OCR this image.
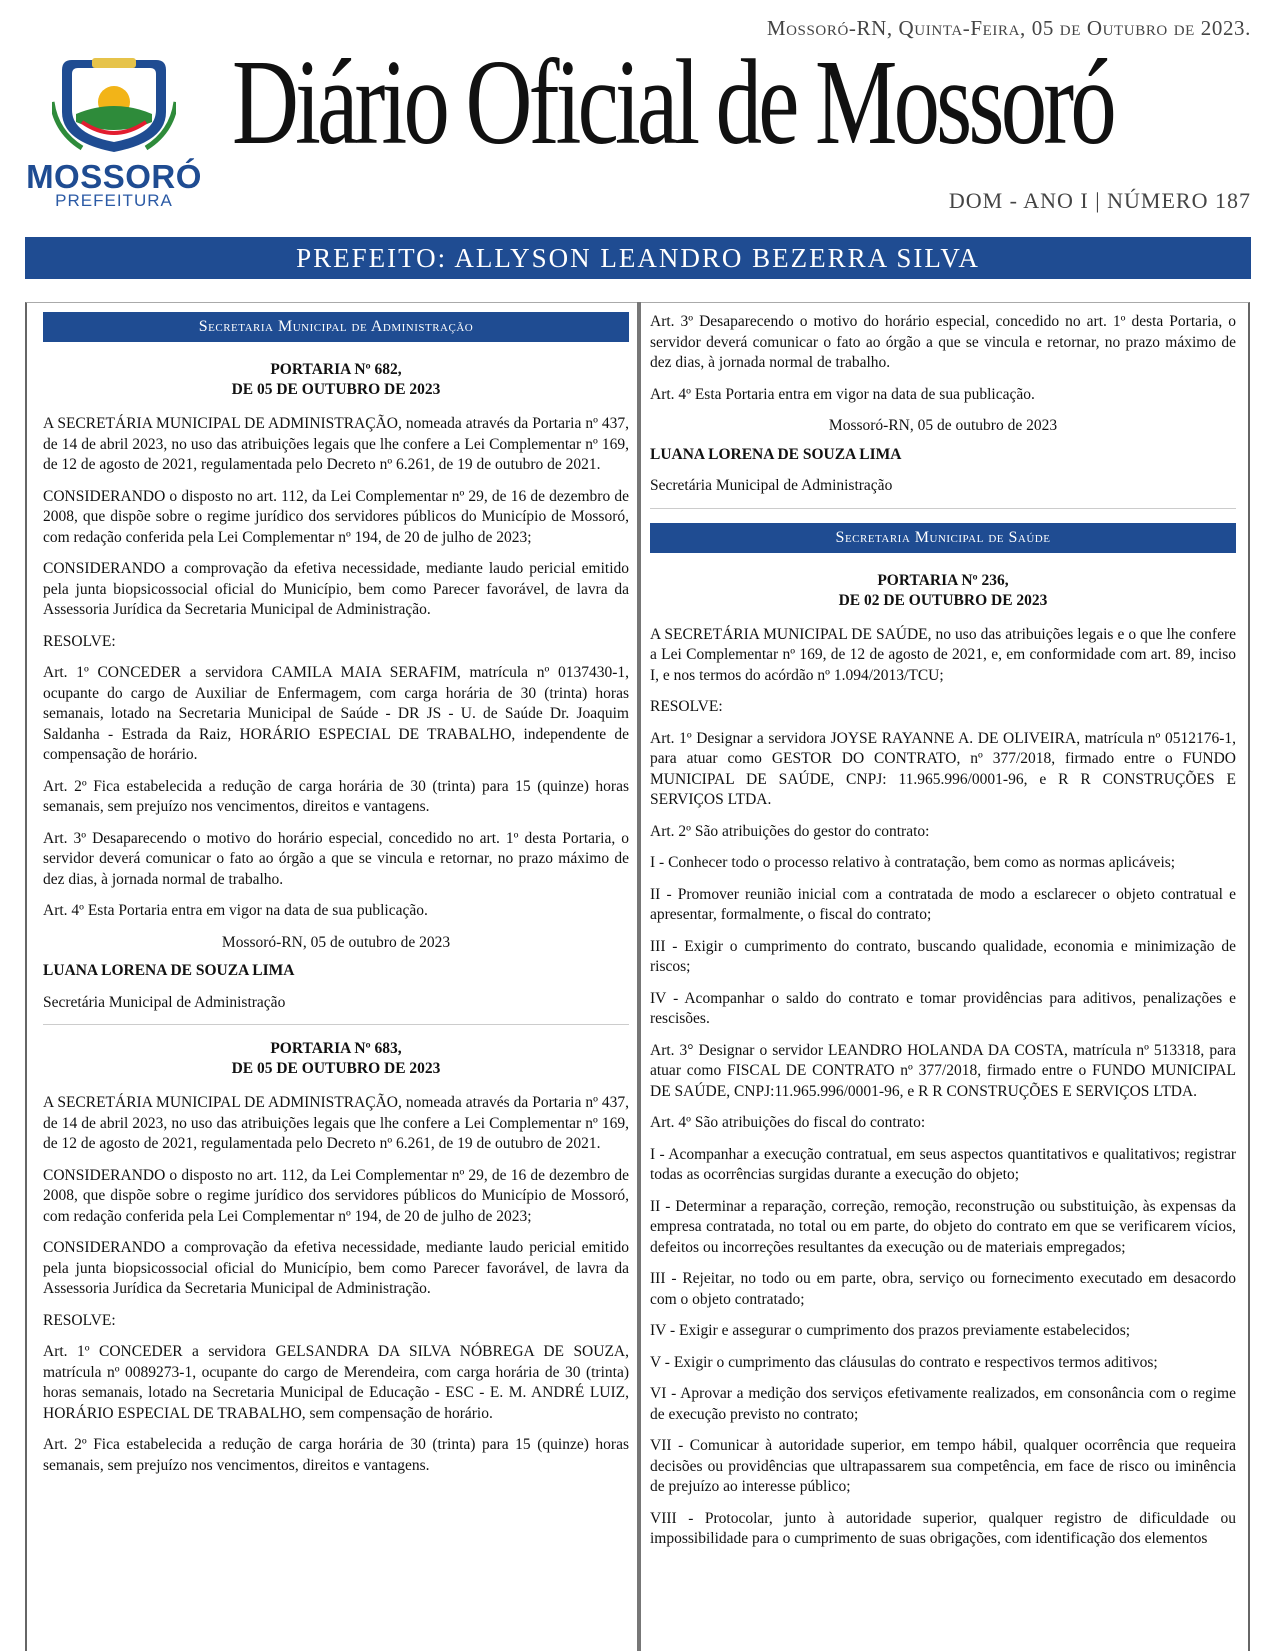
MOSSORÓ
PREFEITURA
Mossoró-RN, Quinta-Feira, 05 de Outubro de 2023.
Diário Oficial de Mossoró
DOM - ANO I | NÚMERO 187
PREFEITO: ALLYSON LEANDRO BEZERRA SILVA
Secretaria Municipal de Administração
PORTARIA Nº 682,
DE 05 DE OUTUBRO DE 2023

A SECRETÁRIA MUNICIPAL DE ADMINISTRAÇÃO, nomeada através da Portaria nº 437, de 14 de abril 2023, no uso das atribuições legais que lhe confere a Lei Complementar nº 169, de 12 de agosto de 2021, regulamentada pelo Decreto nº 6.261, de 19 de outubro de 2021.

CONSIDERANDO o disposto no art. 112, da Lei Complementar nº 29, de 16 de dezembro de 2008, que dispõe sobre o regime jurídico dos servidores públicos do Município de Mossoró, com redação conferida pela Lei Complementar nº 194, de 20 de julho de 2023;

CONSIDERANDO a comprovação da efetiva necessidade, mediante laudo pericial emitido pela junta biopsicossocial oficial do Município, bem como Parecer favorável, de lavra da Assessoria Jurídica da Secretaria Municipal de Administração.

RESOLVE:

Art. 1º CONCEDER a servidora CAMILA MAIA SERAFIM, matrícula nº 0137430-1, ocupante do cargo de Auxiliar de Enfermagem, com carga horária de 30 (trinta) horas semanais, lotado na Secretaria Municipal de Saúde - DR JS - U. de Saúde Dr. Joaquim Saldanha - Estrada da Raiz, HORÁRIO ESPECIAL DE TRABALHO, independente de compensação de horário.

Art. 2º Fica estabelecida a redução de carga horária de 30 (trinta) para 15 (quinze) horas semanais, sem prejuízo nos vencimentos, direitos e vantagens.

Art. 3º Desaparecendo o motivo do horário especial, concedido no art. 1º desta Portaria, o servidor deverá comunicar o fato ao órgão a que se vincula e retornar, no prazo máximo de dez dias, à jornada normal de trabalho.

Art. 4º Esta Portaria entra em vigor na data de sua publicação.

Mossoró-RN, 05 de outubro de 2023

LUANA LORENA DE SOUZA LIMA

Secretária Municipal de Administração

PORTARIA Nº 683,
DE 05 DE OUTUBRO DE 2023

A SECRETÁRIA MUNICIPAL DE ADMINISTRAÇÃO, nomeada através da Portaria nº 437, de 14 de abril 2023, no uso das atribuições legais que lhe confere a Lei Complementar nº 169, de 12 de agosto de 2021, regulamentada pelo Decreto nº 6.261, de 19 de outubro de 2021.

CONSIDERANDO o disposto no art. 112, da Lei Complementar nº 29, de 16 de dezembro de 2008, que dispõe sobre o regime jurídico dos servidores públicos do Município de Mossoró, com redação conferida pela Lei Complementar nº 194, de 20 de julho de 2023;

CONSIDERANDO a comprovação da efetiva necessidade, mediante laudo pericial emitido pela junta biopsicossocial oficial do Município, bem como Parecer favorável, de lavra da Assessoria Jurídica da Secretaria Municipal de Administração.

RESOLVE:

Art. 1º CONCEDER a servidora GELSANDRA DA SILVA NÓBREGA DE SOUZA, matrícula nº 0089273-1, ocupante do cargo de Merendeira, com carga horária de 30 (trinta) horas semanais, lotado na Secretaria Municipal de Educação - ESC - E. M. ANDRÉ LUIZ, HORÁRIO ESPECIAL DE TRABALHO, sem compensação de horário.

Art. 2º Fica estabelecida a redução de carga horária de 30 (trinta) para 15 (quinze) horas semanais, sem prejuízo nos vencimentos, direitos e vantagens.

Art. 3º Desaparecendo o motivo do horário especial, concedido no art. 1º desta Portaria, o servidor deverá comunicar o fato ao órgão a que se vincula e retornar, no prazo máximo de dez dias, à jornada normal de trabalho.

Art. 4º Esta Portaria entra em vigor na data de sua publicação.

Mossoró-RN, 05 de outubro de 2023

LUANA LORENA DE SOUZA LIMA

Secretária Municipal de Administração

Secretaria Municipal de Saúde
PORTARIA Nº 236,
DE 02 DE OUTUBRO DE 2023

A SECRETÁRIA MUNICIPAL DE SAÚDE, no uso das atribuições legais e o que lhe confere a Lei Complementar nº 169, de 12 de agosto de 2021, e, em conformidade com art. 89, inciso I, e nos termos do acórdão nº 1.094/2013/TCU;

RESOLVE:

Art. 1º Designar a servidora JOYSE RAYANNE A. DE OLIVEIRA, matrícula nº 0512176-1, para atuar como GESTOR DO CONTRATO, nº 377/2018, firmado entre o FUNDO MUNICIPAL DE SAÚDE, CNPJ: 11.965.996/0001-96, e R R CONSTRUÇÕES E SERVIÇOS LTDA.

Art. 2º São atribuições do gestor do contrato:

I - Conhecer todo o processo relativo à contratação, bem como as normas aplicáveis;

II - Promover reunião inicial com a contratada de modo a esclarecer o objeto contratual e apresentar, formalmente, o fiscal do contrato;

III - Exigir o cumprimento do contrato, buscando qualidade, economia e minimização de riscos;

IV - Acompanhar o saldo do contrato e tomar providências para aditivos, penalizações e rescisões.

Art. 3° Designar o servidor LEANDRO HOLANDA DA COSTA, matrícula nº 513318, para atuar como FISCAL DE CONTRATO nº 377/2018, firmado entre o FUNDO MUNICIPAL DE SAÚDE, CNPJ:11.965.996/0001-96, e R R CONSTRUÇÕES E SERVIÇOS LTDA.

Art. 4º São atribuições do fiscal do contrato:

I - Acompanhar a execução contratual, em seus aspectos quantitativos e qualitativos; registrar todas as ocorrências surgidas durante a execução do objeto;

II - Determinar a reparação, correção, remoção, reconstrução ou substituição, às expensas da empresa contratada, no total ou em parte, do objeto do contrato em que se verificarem vícios, defeitos ou incorreções resultantes da execução ou de materiais empregados;

III - Rejeitar, no todo ou em parte, obra, serviço ou fornecimento executado em desacordo com o objeto contratado;

IV - Exigir e assegurar o cumprimento dos prazos previamente estabelecidos;

V - Exigir o cumprimento das cláusulas do contrato e respectivos termos aditivos;

VI - Aprovar a medição dos serviços efetivamente realizados, em consonância com o regime de execução previsto no contrato;

VII - Comunicar à autoridade superior, em tempo hábil, qualquer ocorrência que requeira decisões ou providências que ultrapassarem sua competência, em face de risco ou iminência de prejuízo ao interesse público;

VIII - Protocolar, junto à autoridade superior, qualquer registro de dificuldade ou impossibilidade para o cumprimento de suas obrigações, com identificação dos elementos
